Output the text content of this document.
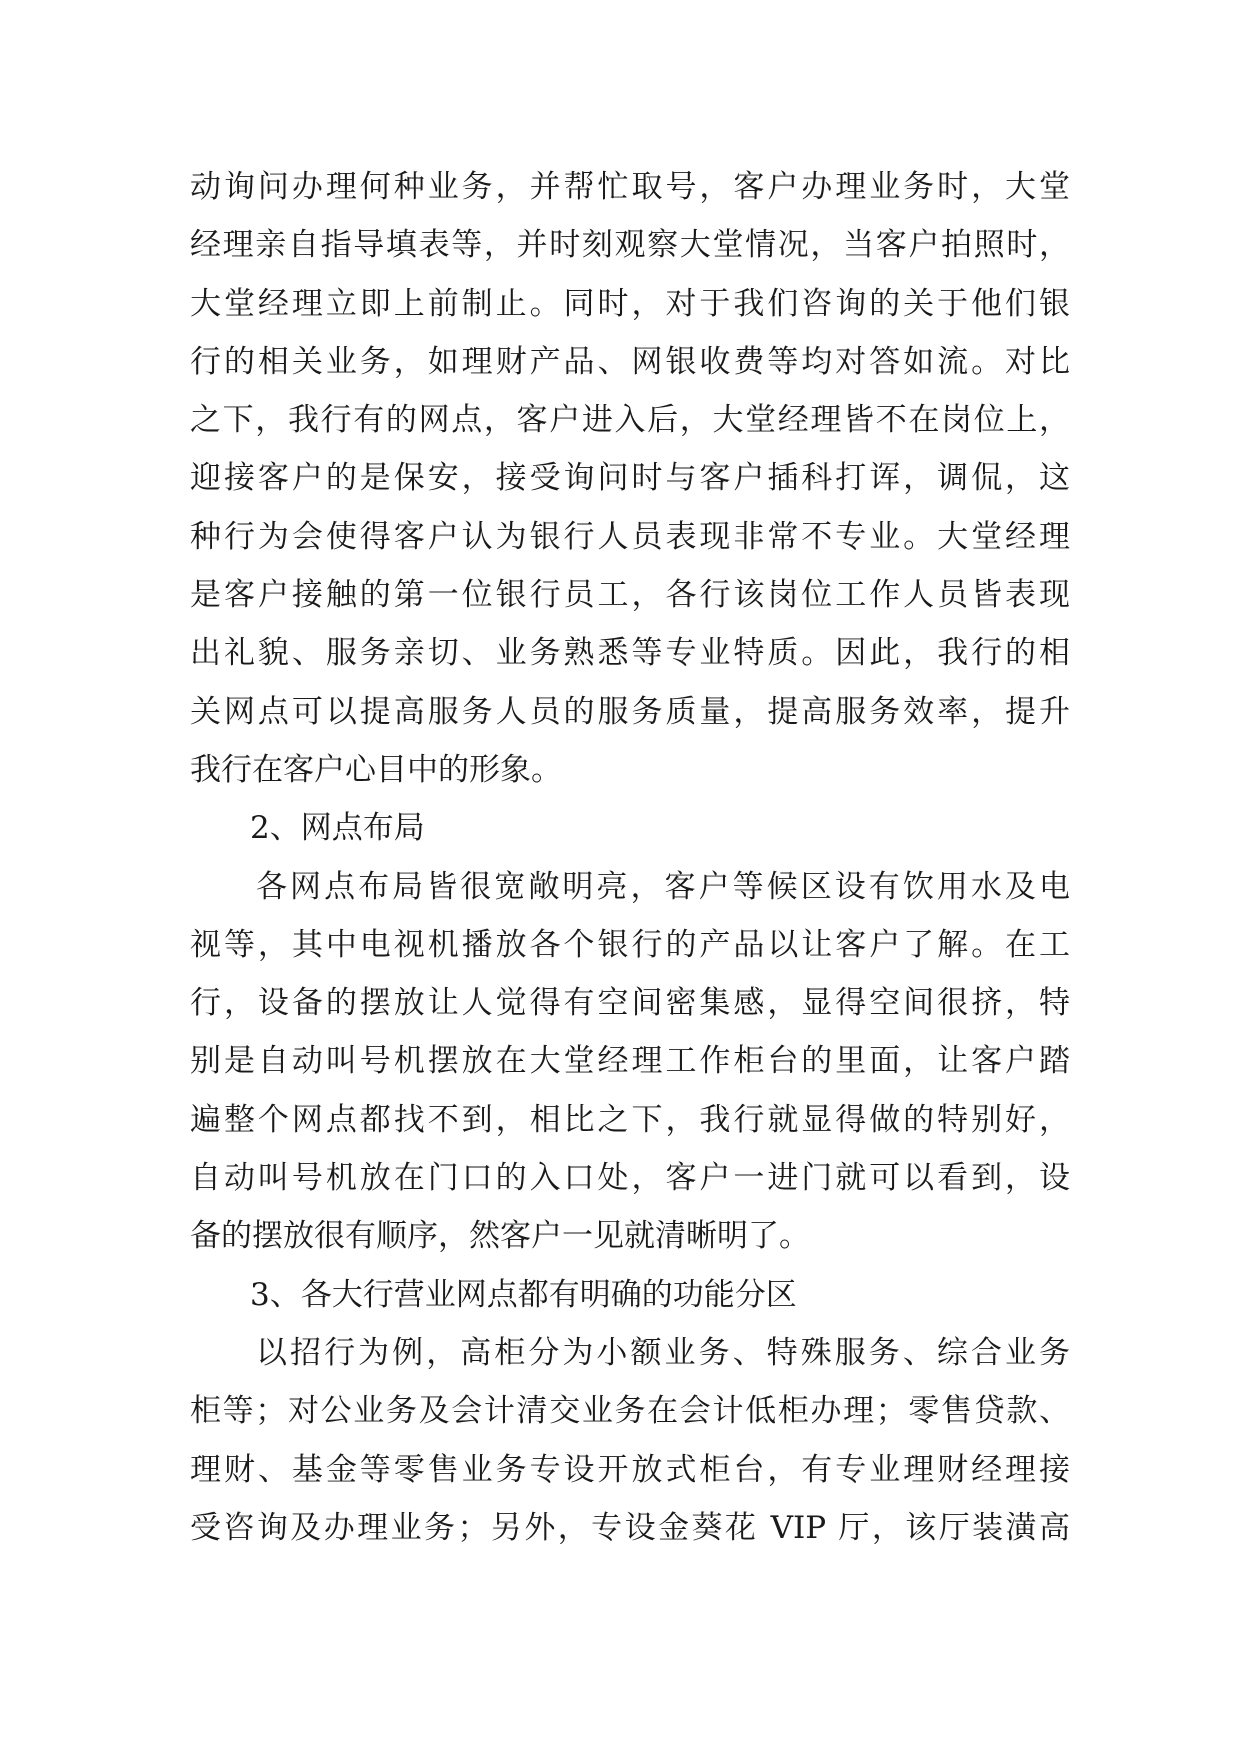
动询问办理何种业务，并帮忙取号，客户办理业务时，大堂
经理亲自指导填表等，并时刻观察大堂情况，当客户拍照时，
大堂经理立即上前制止。同时，对于我们咨询的关于他们银
行的相关业务，如理财产品、网银收费等均对答如流。对比
之下，我行有的网点，客户进入后，大堂经理皆不在岗位上，
迎接客户的是保安，接受询问时与客户插科打诨，调侃，这
种行为会使得客户认为银行人员表现非常不专业。大堂经理
是客户接触的第一位银行员工，各行该岗位工作人员皆表现
出礼貌、服务亲切、业务熟悉等专业特质。因此，我行的相
关网点可以提高服务人员的服务质量，提高服务效率，提升
我行在客户心目中的形象。
2、网点布局
各网点布局皆很宽敞明亮，客户等候区设有饮用水及电
视等，其中电视机播放各个银行的产品以让客户了解。在工
行，设备的摆放让人觉得有空间密集感，显得空间很挤，特
别是自动叫号机摆放在大堂经理工作柜台的里面，让客户踏
遍整个网点都找不到，相比之下，我行就显得做的特别好，
自动叫号机放在门口的入口处，客户一进门就可以看到，设
备的摆放很有顺序，然客户一见就清晰明了。
3、各大行营业网点都有明确的功能分区
以招行为例，高柜分为小额业务、特殊服务、综合业务
柜等；对公业务及会计清交业务在会计低柜办理；零售贷款、
理财、基金等零售业务专设开放式柜台，有专业理财经理接
受咨询及办理业务；另外，专设金葵花 VIP 厅，该厅装潢高
